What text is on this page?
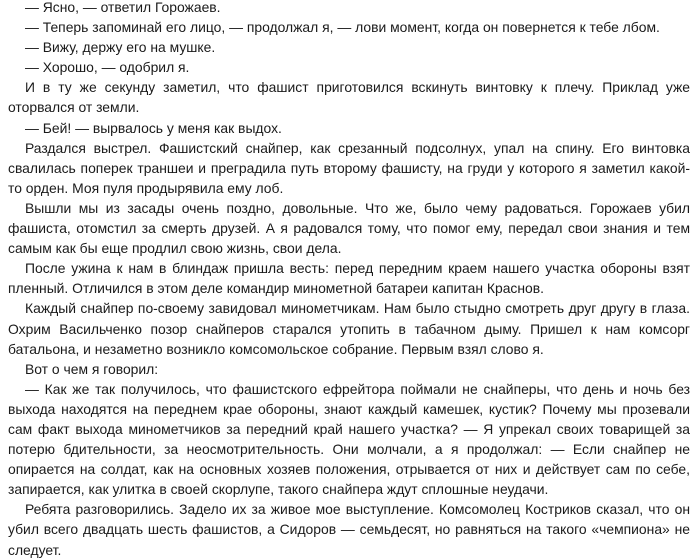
— Ясно, — ответил Горожаев.

— Теперь запоминай его лицо, — продолжал я, — лови момент, когда он повернется к тебе лбом.

— Вижу, держу его на мушке.

— Хорошо, — одобрил я.

И в ту же секунду заметил, что фашист приготовился вскинуть винтовку к плечу. Приклад уже оторвался от земли.

— Бей! — вырвалось у меня как выдох.

Раздался выстрел. Фашистский снайпер, как срезанный подсолнух, упал на спину. Его винтовка свалилась поперек траншеи и преградила путь второму фашисту, на груди у которого я заметил какой-то орден. Моя пуля продырявила ему лоб.

Вышли мы из засады очень поздно, довольные. Что же, было чему радоваться. Горожаев убил фашиста, отомстил за смерть друзей. А я радовался тому, что помог ему, передал свои знания и тем самым как бы еще продлил свою жизнь, свои дела.

После ужина к нам в блиндаж пришла весть: перед передним краем нашего участка обороны взят пленный. Отличился в этом деле командир минометной батареи капитан Краснов.

Каждый снайпер по-своему завидовал минометчикам. Нам было стыдно смотреть друг другу в глаза. Охрим Васильченко позор снайперов старался утопить в табачном дыму. Пришел к нам комсорг батальона, и незаметно возникло комсомольское собрание. Первым взял слово я.

Вот о чем я говорил:

— Как же так получилось, что фашистского ефрейтора поймали не снайперы, что день и ночь без выхода находятся на переднем крае обороны, знают каждый камешек, кустик? Почему мы прозевали сам факт выхода минометчиков за передний край нашего участка? — Я упрекал своих товарищей за потерю бдительности, за неосмотрительность. Они молчали, а я продолжал: — Если снайпер не опирается на солдат, как на основных хозяев положения, отрывается от них и действует сам по себе, запирается, как улитка в своей скорлупе, такого снайпера ждут сплошные неудачи.

Ребята разговорились. Задело их за живое мое выступление. Комсомолец Костриков сказал, что он убил всего двадцать шесть фашистов, а Сидоров — семьдесят, но равняться на такого «чемпиона» не следует.
